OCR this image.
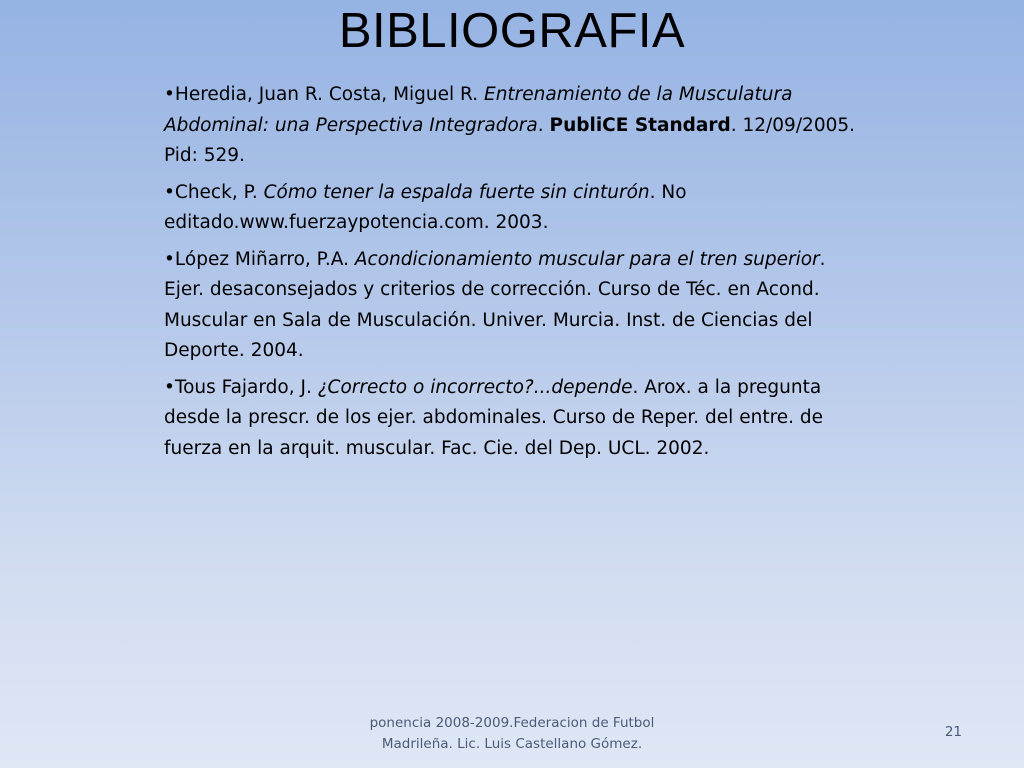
BIBLIOGRAFIA
•Heredia, Juan R. Costa, Miguel R. Entrenamiento de la Musculatura Abdominal: una Perspectiva Integradora. PubliCE Standard. 12/09/2005. Pid: 529.
•Check, P. Cómo tener la espalda fuerte sin cinturón. No editado.www.fuerzaypotencia.com. 2003.
•López Miñarro, P.A. Acondicionamiento muscular para el tren superior. Ejer. desaconsejados y criterios de corrección. Curso de Téc. en Acond. Muscular en Sala de Musculación. Univer. Murcia. Inst. de Ciencias del Deporte. 2004.
•Tous Fajardo, J. ¿Correcto o incorrecto?...depende. Arox. a la pregunta desde la prescr. de los ejer. abdominales. Curso de Reper. del entre. de fuerza en la arquit. muscular. Fac. Cie. del Dep. UCL. 2002.
ponencia 2008-2009.Federacion de Futbol Madrileña. Lic. Luis Castellano Gómez.
21
